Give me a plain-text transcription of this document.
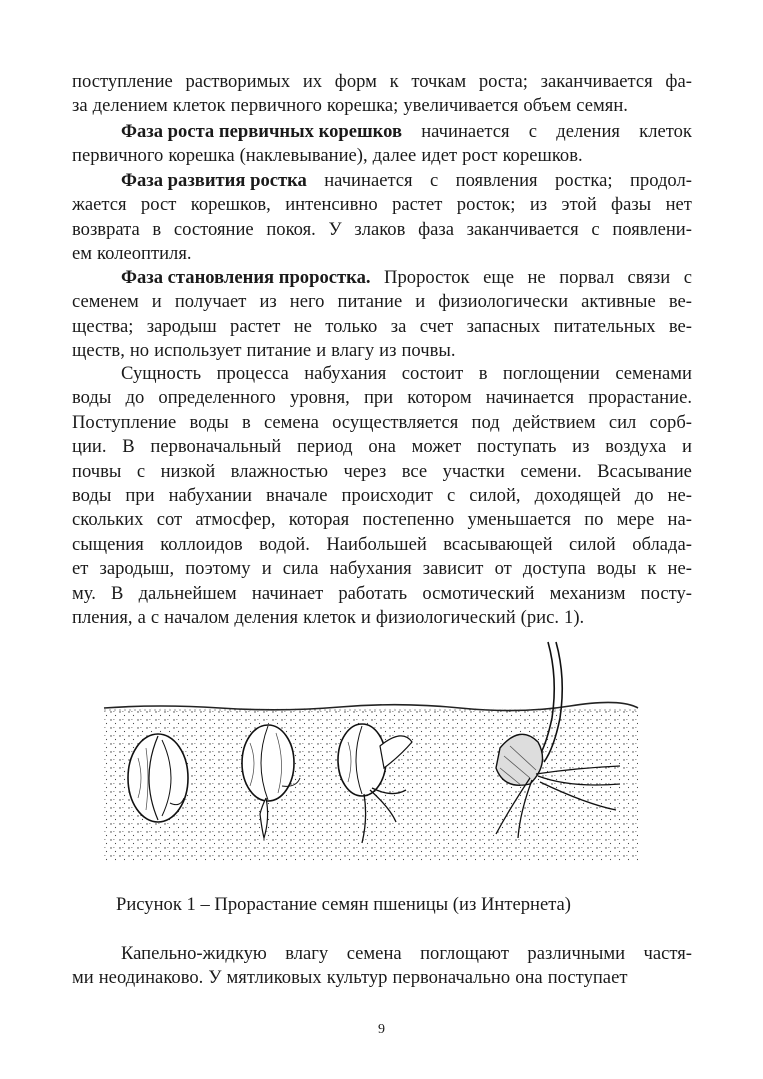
поступление растворимых их форм к точкам роста; заканчивается фа-
за делением клеток первичного корешка; увеличивается объем семян.
Фаза роста первичных корешков начинается с деления клеток
первичного корешка (наклевывание), далее идет рост корешков.
Фаза развития ростка начинается с появления ростка; продол-
жается рост корешков, интенсивно растет росток; из этой фазы нет
возврата в состояние покоя. У злаков фаза заканчивается с появлени-
ем колеоптиля.
Фаза становления проростка. Проросток еще не порвал связи с
семенем и получает из него питание и физиологически активные ве-
щества; зародыш растет не только за счет запасных питательных ве-
ществ, но использует питание и влагу из почвы.
Сущность процесса набухания состоит в поглощении семенами
воды до определенного уровня, при котором начинается прорастание.
Поступление воды в семена осуществляется под действием сил сорб-
ции. В первоначальный период она может поступать из воздуха и
почвы с низкой влажностью через все участки семени. Всасывание
воды при набухании вначале происходит с силой, доходящей до не-
скольких сот атмосфер, которая постепенно уменьшается по мере на-
сыщения коллоидов водой. Наибольшей всасывающей силой облада-
ет зародыш, поэтому и сила набухания зависит от доступа воды к не-
му. В дальнейшем начинает работать осмотический механизм посту-
пления, а с началом деления клеток и физиологический (рис. 1).
Рисунок 1 – Прорастание семян пшеницы (из Интернета)
Капельно-жидкую влагу семена поглощают различными частя-
ми неодинаково. У мятликовых культур первоначально она поступает
9
